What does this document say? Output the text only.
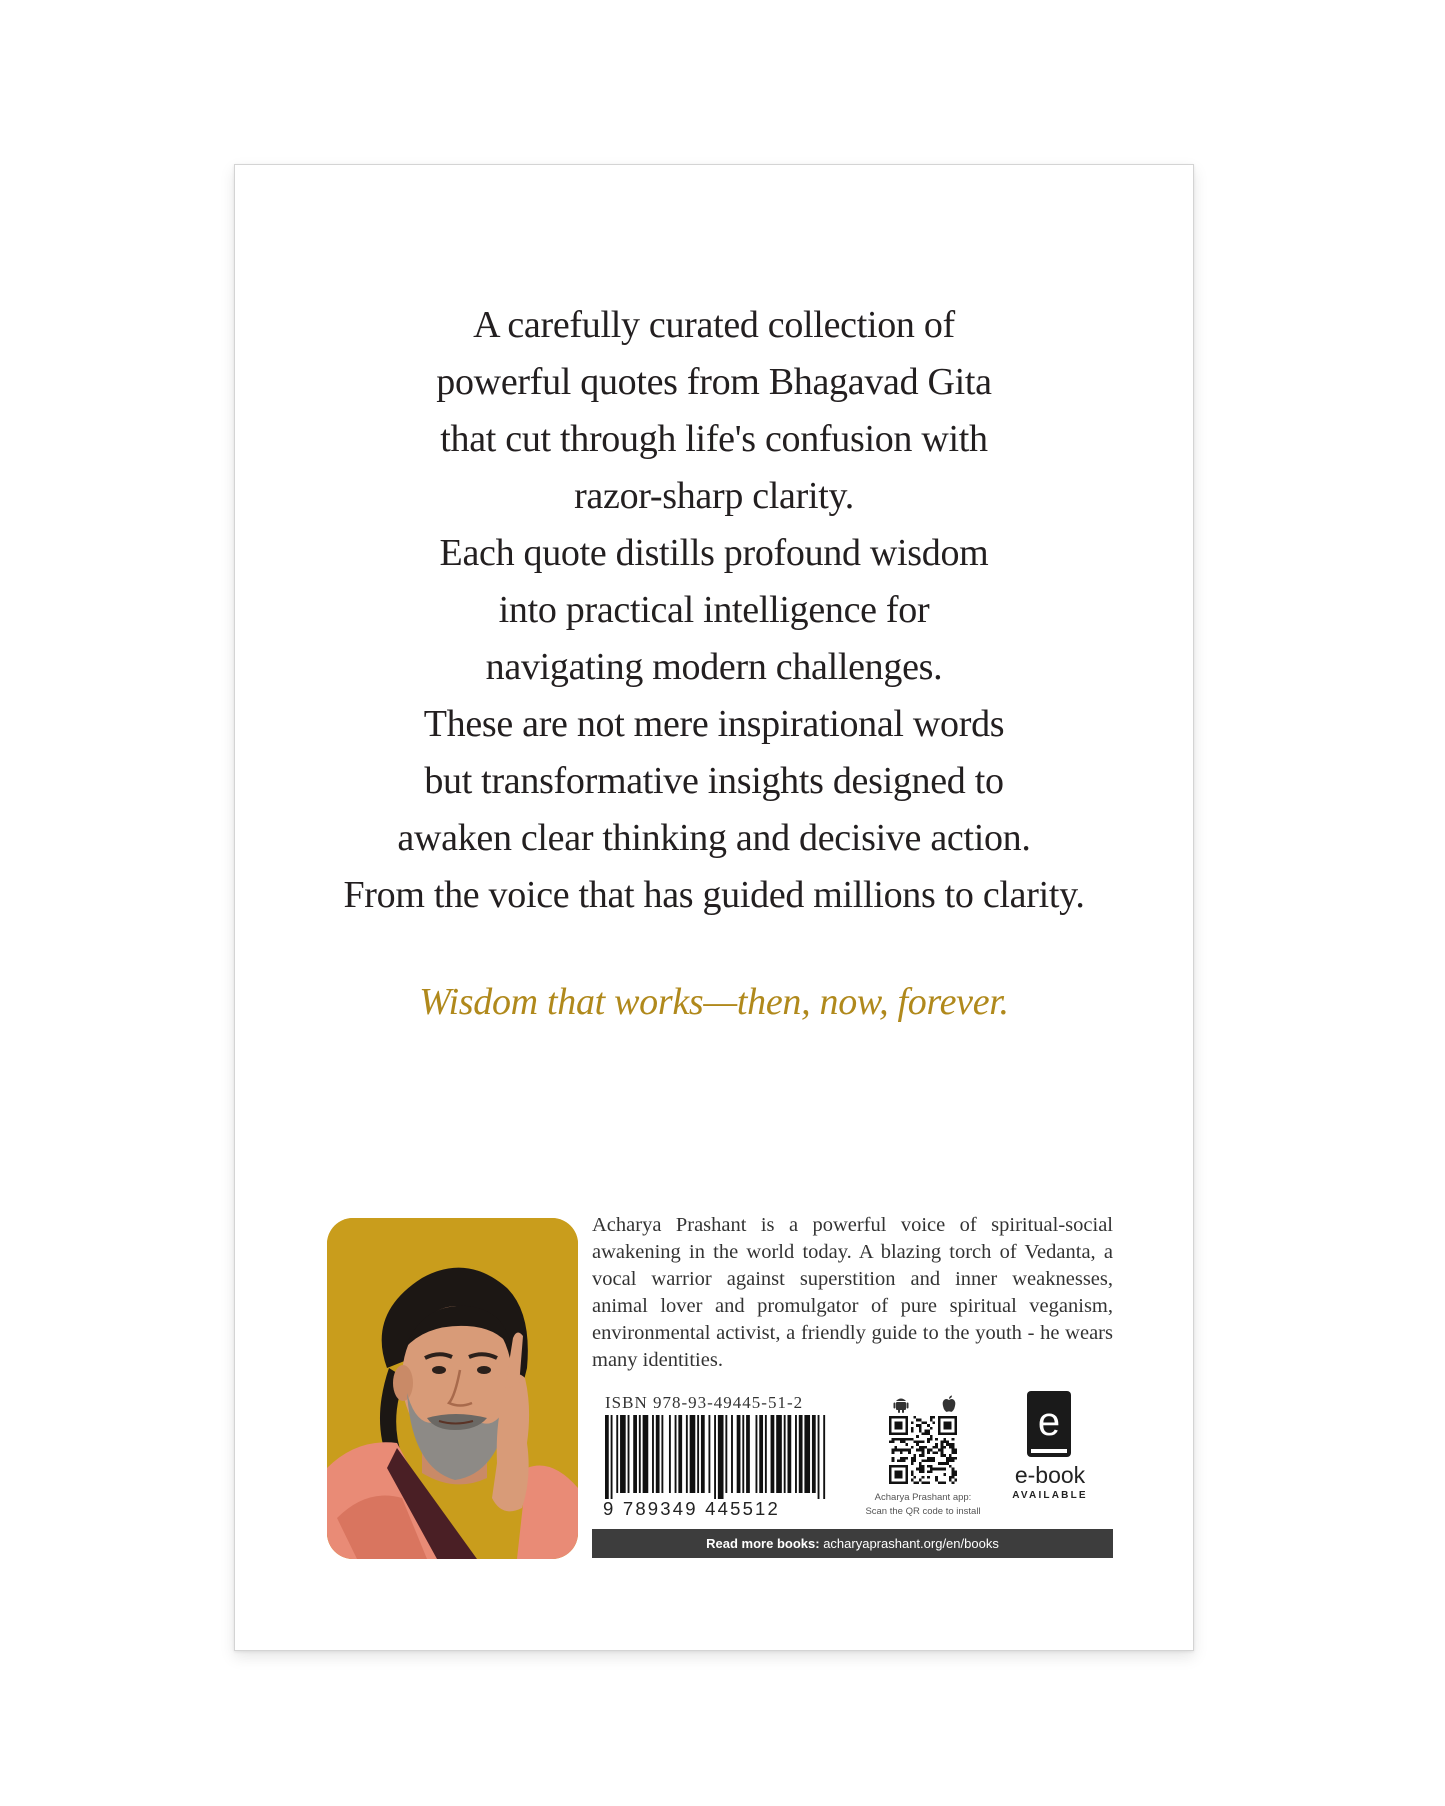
A carefully curated collection of
powerful quotes from Bhagavad Gita
that cut through life's confusion with
razor-sharp clarity.
Each quote distills profound wisdom
into practical intelligence for
navigating modern challenges.
These are not mere inspirational words
but transformative insights designed to
awaken clear thinking and decisive action.
From the voice that has guided millions to clarity.
Wisdom that works—then, now, forever.
Acharya Prashant is a powerful voice of spiritual-social awakening in the world today. A blazing torch of Vedanta, a vocal warrior against superstition and inner weaknesses, animal lover and promulgator of pure spiritual veganism, environmental activist, a friendly guide to the youth - he wears many identities.
ISBN 978-93-49445-51-2
9 789349 445512
Acharya Prashant app:
Scan the QR code to install
e
e-book
AVAILABLE
Read more books: acharyaprashant.org/en/books
